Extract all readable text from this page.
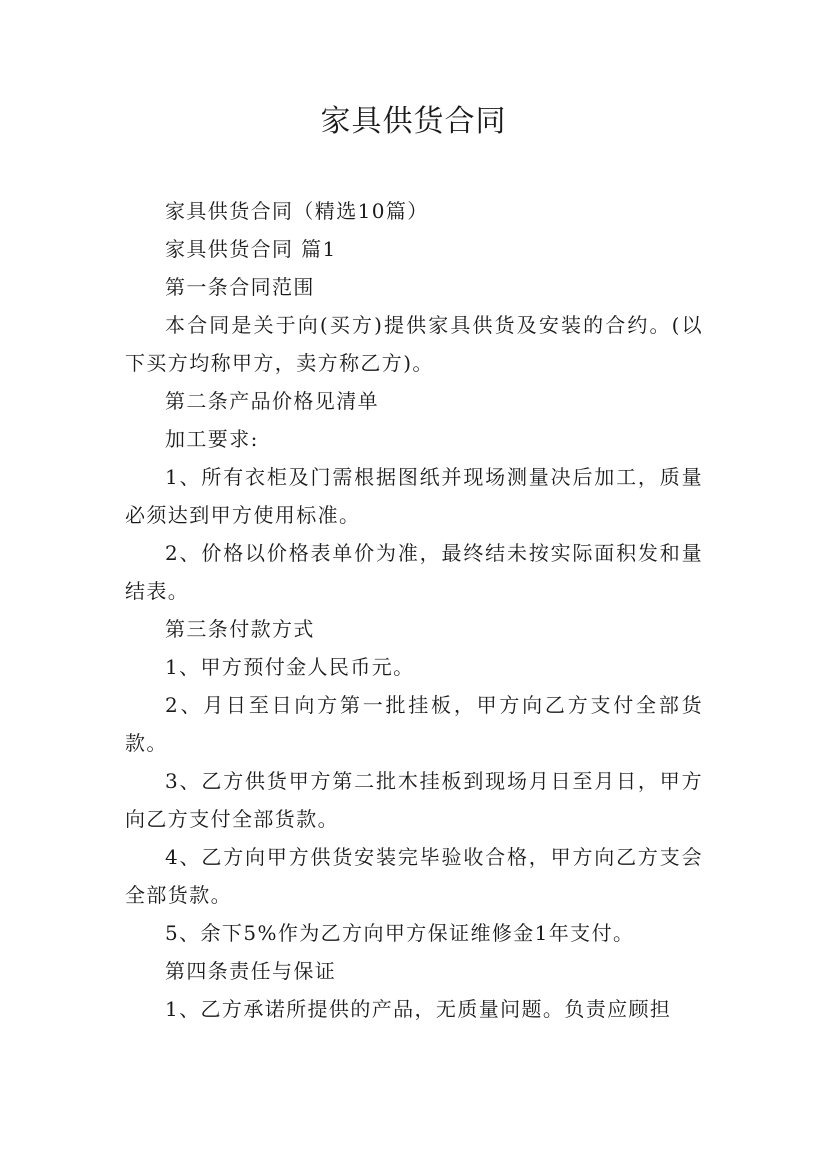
家具供货合同

家具供货合同（精选10篇）

家具供货合同 篇1

第一条合同范围

本合同是关于向(买方)提供家具供货及安装的合约。(以下买方均称甲方，卖方称乙方)。

第二条产品价格见清单

加工要求:

1、所有衣柜及门需根据图纸并现场测量决后加工，质量必须达到甲方使用标准。

2、价格以价格表单价为准，最终结未按实际面积发和量结表。

第三条付款方式

1、甲方预付金人民币元。

2、月日至日向方第一批挂板，甲方向乙方支付全部货款。

3、乙方供货甲方第二批木挂板到现场月日至月日，甲方向乙方支付全部货款。

4、乙方向甲方供货安装完毕验收合格，甲方向乙方支会全部货款。

5、余下5%作为乙方向甲方保证维修金1年支付。

第四条责任与保证

1、乙方承诺所提供的产品，无质量问题。负责应顾担
